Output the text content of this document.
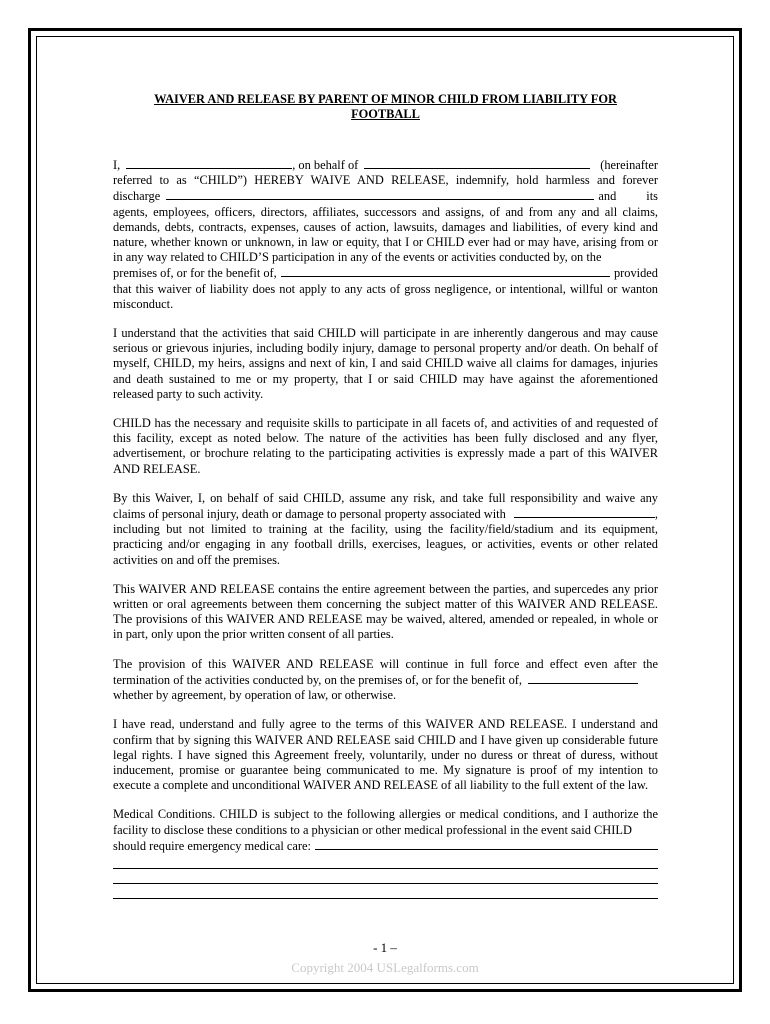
WAIVER AND RELEASE BY PARENT OF MINOR CHILD FROM LIABILITY FOR
FOOTBALL
I,	, on behalf of	(hereinafter

referred to as “CHILD”) HEREBY WAIVE AND RELEASE, indemnify, hold harmless and forever

discharge	and its

agents, employees, officers, directors, affiliates, successors and assigns, of and from any and all claims, demands, debts, contracts, expenses, causes of action, lawsuits, damages and liabilities, of every kind and nature, whether known or unknown, in law or equity, that I or CHILD ever had or may have, arising from or in any way related to CHILD’S participation in any of the events or activities conducted by, on the

premises of, or for the benefit of,	provided

that this waiver of liability does not apply to any acts of gross negligence, or intentional, willful or wanton misconduct.

I understand that the activities that said CHILD will participate in are inherently dangerous and may cause serious or grievous injuries, including bodily injury, damage to personal property and/or death. On behalf of myself, CHILD, my heirs, assigns and next of kin, I and said CHILD waive all claims for damages, injuries and death sustained to me or my property, that I or said CHILD may have against the aforementioned released party to such activity.

CHILD has the necessary and requisite skills to participate in all facets of, and activities of and requested of this facility, except as noted below. The nature of the activities has been fully disclosed and any flyer, advertisement, or brochure relating to the participating activities is expressly made a part of this WAIVER AND RELEASE.

By this Waiver, I, on behalf of said CHILD, assume any risk, and take full responsibility and waive any

claims of personal injury, death or damage to personal property associated with	,

including but not limited to training at the facility, using the facility/field/stadium and its equipment, practicing and/or engaging in any football drills, exercises, leagues, or activities, events or other related activities on and off the premises.

This WAIVER AND RELEASE contains the entire agreement between the parties, and supercedes any prior written or oral agreements between them concerning the subject matter of this WAIVER AND RELEASE. The provisions of this WAIVER AND RELEASE may be waived, altered, amended or repealed, in whole or in part, only upon the prior written consent of all parties.

The provision of this WAIVER AND RELEASE will continue in full force and effect even after the

termination of the activities conducted by, on the premises of, or for the benefit of,

whether by agreement, by operation of law, or otherwise.

I have read, understand and fully agree to the terms of this WAIVER AND RELEASE. I understand and confirm that by signing this WAIVER AND RELEASE said CHILD and I have given up considerable future legal rights. I have signed this Agreement freely, voluntarily, under no duress or threat of duress, without inducement, promise or guarantee being communicated to me. My signature is proof of my intention to execute a complete and unconditional WAIVER AND RELEASE of all liability to the full extent of the law.

Medical Conditions. CHILD is subject to the following allergies or medical conditions, and I authorize the facility to disclose these conditions to a physician or other medical professional in the event said CHILD

should require emergency medical care:
- 1 –
Copyright 2004 USLegalforms.com
